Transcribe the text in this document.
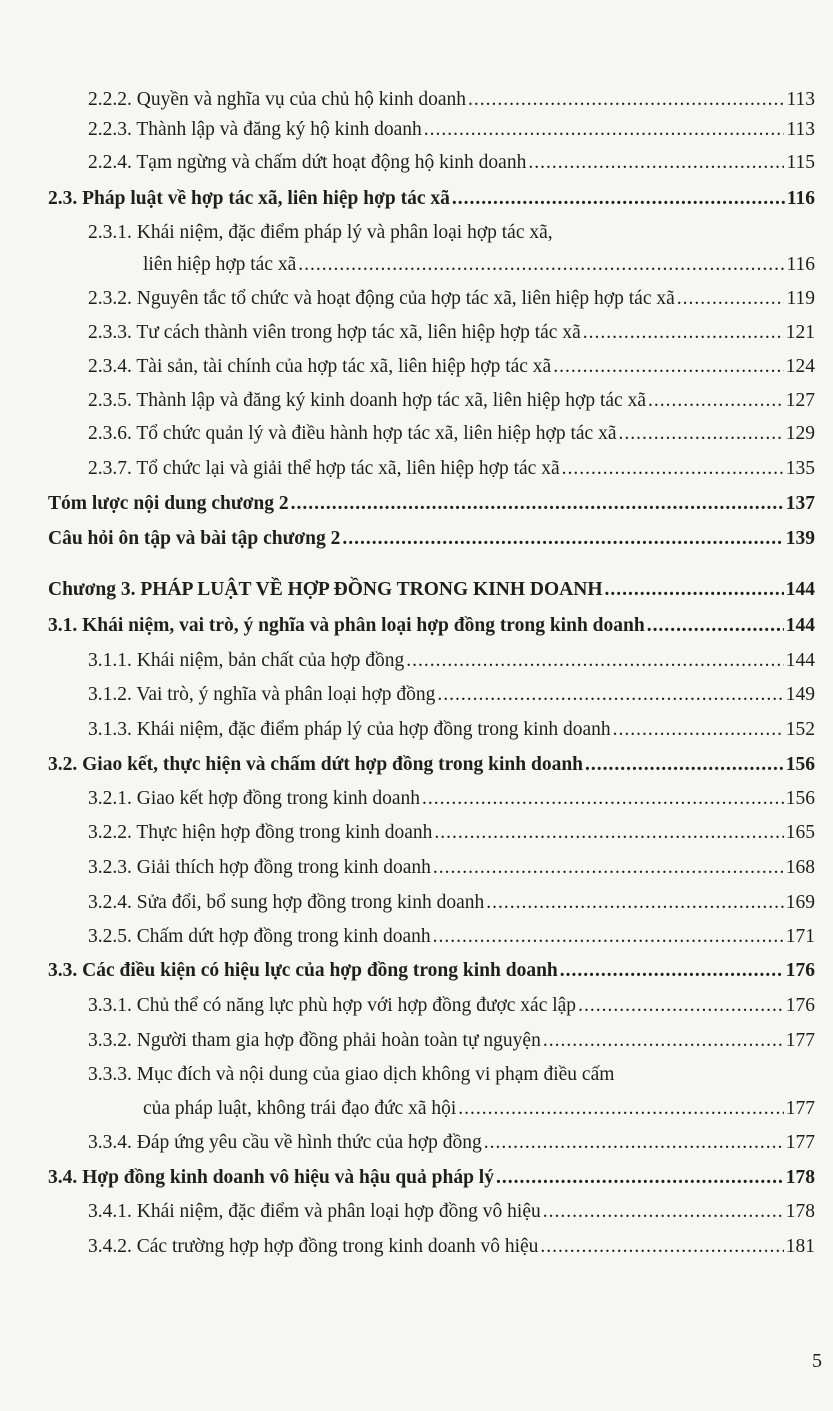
2.2.2. Quyền và nghĩa vụ của chủ hộ kinh doanh .....	113
2.2.3. Thành lập và đăng ký hộ kinh doanh .....	113
2.2.4. Tạm ngừng và chấm dứt hoạt động hộ kinh doanh .....	115
2.3. Pháp luật về hợp tác xã, liên hiệp hợp tác xã .....	116
2.3.1. Khái niệm, đặc điểm pháp lý và phân loại hợp tác xã,
liên hiệp hợp tác xã .....	116
2.3.2. Nguyên tắc tổ chức và hoạt động của hợp tác xã, liên hiệp hợp tác xã .....	119
2.3.3. Tư cách thành viên trong hợp tác xã, liên hiệp hợp tác xã .....	121
2.3.4. Tài sản, tài chính của hợp tác xã, liên hiệp hợp tác xã .....	124
2.3.5. Thành lập và đăng ký kinh doanh hợp tác xã, liên hiệp hợp tác xã .....	127
2.3.6. Tổ chức quản lý và điều hành hợp tác xã, liên hiệp hợp tác xã .....	129
2.3.7. Tổ chức lại và giải thể hợp tác xã, liên hiệp hợp tác xã .....	135
Tóm lược nội dung chương 2 .....	137
Câu hỏi ôn tập và bài tập chương 2 .....	139
Chương 3. PHÁP LUẬT VỀ HỢP ĐỒNG TRONG KINH DOANH .....	144
3.1. Khái niệm, vai trò, ý nghĩa và phân loại hợp đồng trong kinh doanh .....	144
3.1.1. Khái niệm, bản chất của hợp đồng .....	144
3.1.2. Vai trò, ý nghĩa và phân loại hợp đồng .....	149
3.1.3. Khái niệm, đặc điểm pháp lý của hợp đồng trong kinh doanh .....	152
3.2. Giao kết, thực hiện và chấm dứt hợp đồng trong kinh doanh .....	156
3.2.1. Giao kết hợp đồng trong kinh doanh .....	156
3.2.2. Thực hiện hợp đồng trong kinh doanh .....	165
3.2.3. Giải thích hợp đồng trong kinh doanh .....	168
3.2.4. Sửa đổi, bổ sung hợp đồng trong kinh doanh .....	169
3.2.5. Chấm dứt hợp đồng trong kinh doanh .....	171
3.3. Các điều kiện có hiệu lực của hợp đồng trong kinh doanh .....	176
3.3.1. Chủ thể có năng lực phù hợp với hợp đồng được xác lập .....	176
3.3.2. Người tham gia hợp đồng phải hoàn toàn tự nguyện .....	177
3.3.3. Mục đích và nội dung của giao dịch không vi phạm điều cấm
của pháp luật, không trái đạo đức xã hội .....	177
3.3.4. Đáp ứng yêu cầu về hình thức của hợp đồng .....	177
3.4. Hợp đồng kinh doanh vô hiệu và hậu quả pháp lý .....	178
3.4.1. Khái niệm, đặc điểm và phân loại hợp đồng vô hiệu .....	178
3.4.2. Các trường hợp hợp đồng trong kinh doanh vô hiệu .....	181
5
